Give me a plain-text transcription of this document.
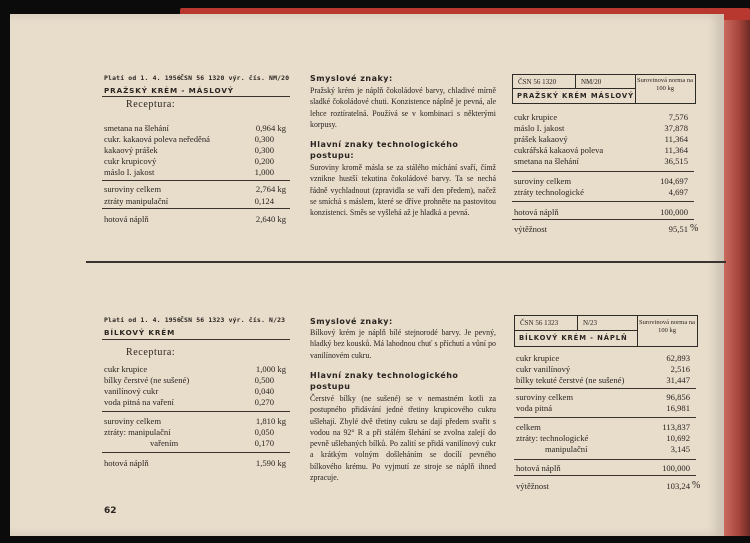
Platí od 1. 4. 1956 ČSN 56 1320 výr. čís. NM/20
PRAŽSKÝ KRÉM - MÁSLOVÝ
Receptura:
smetana na šlehání	0,964 kg
cukr. kakaová poleva neředěná	0,300
kakaový prášek	0,300
cukr krupicový	0,200
máslo I. jakost	1,000
suroviny celkem	2,764 kg
ztráty manipulační	0,124
hotová náplň	2,640 kg
Smyslové znaky:
Pražský krém je náplň čokoládové barvy, chladivé mírně sladké čokoládové chuti. Konzistence náplně je pevná, ale lehce roztíratelná. Používá se v kombinaci s některými korpusy.
Hlavní znaky technologického postupu:
Suroviny kromě másla se za stálého míchání svaří, čímž vznikne hustší tekutina čokoládové barvy. Ta se nechá řádně vychladnout (zpravidla se vaří den předem), načež se smíchá s máslem, které se dříve prohněte na pastovitou konzistenci. Směs se vyšlehá až je hladká a pevná.
ČSN 56 1320	NM/20
PRAŽSKÝ KRÉM MÁSLOVÝ
Surovinová norma na 100 kg
cukr krupice	7,576
máslo I. jakost	37,878
prášek kakaový	11,364
cukrářská kakaová poleva	11,364
smetana na šlehání	36,515
suroviny celkem	104,697
ztráty technologické	4,697
hotová náplň	100,000
výtěžnost	95,51 %
Platí od 1. 4. 1956 ČSN 56 1323 výr. čís. N/23
BÍLKOVÝ KRÉM
Receptura:
cukr krupice	1,000 kg
bílky čerstvé (ne sušené)	0,500
vanilínový cukr	0,040
voda pitná na vaření	0,270
suroviny celkem	1,810 kg
ztráty: manipulační	0,050
vařením	0,170
hotová náplň	1,590 kg
62
Smyslové znaky:
Bílkový krém je náplň bílé stejnorodé barvy. Je pevný, hladký bez kousků. Má lahodnou chuť s příchutí a vůní po vanilínovém cukru.
Hlavní znaky technologického postupu
Čerstvé bílky (ne sušené) se v nemastném kotli za postupného přidávání jedné třetiny krupicového cukru ušlehají. Zbylé dvě třetiny cukru se dají předem svařit s vodou na 92° R a při stálém šlehání se zvolna zalejí do pevně ušlehaných bílků. Po zalití se přidá vanilínový cukr a krátkým volným došleháním se docílí pevného bílkového krému. Po vyjmutí ze stroje se náplň ihned zpracuje.
ČSN 56 1323	N/23
BÍLKOVÝ KRÉM - NÁPLŇ
Surovinová norma na 100 kg
cukr krupice	62,893
cukr vanilínový	2,516
bílky tekuté čerstvé (ne sušené)	31,447
suroviny celkem	96,856
voda pitná	16,981
celkem	113,837
ztráty: technologické	10,692
manipulační	3,145
hotová náplň	100,000
výtěžnost	103,24 %
